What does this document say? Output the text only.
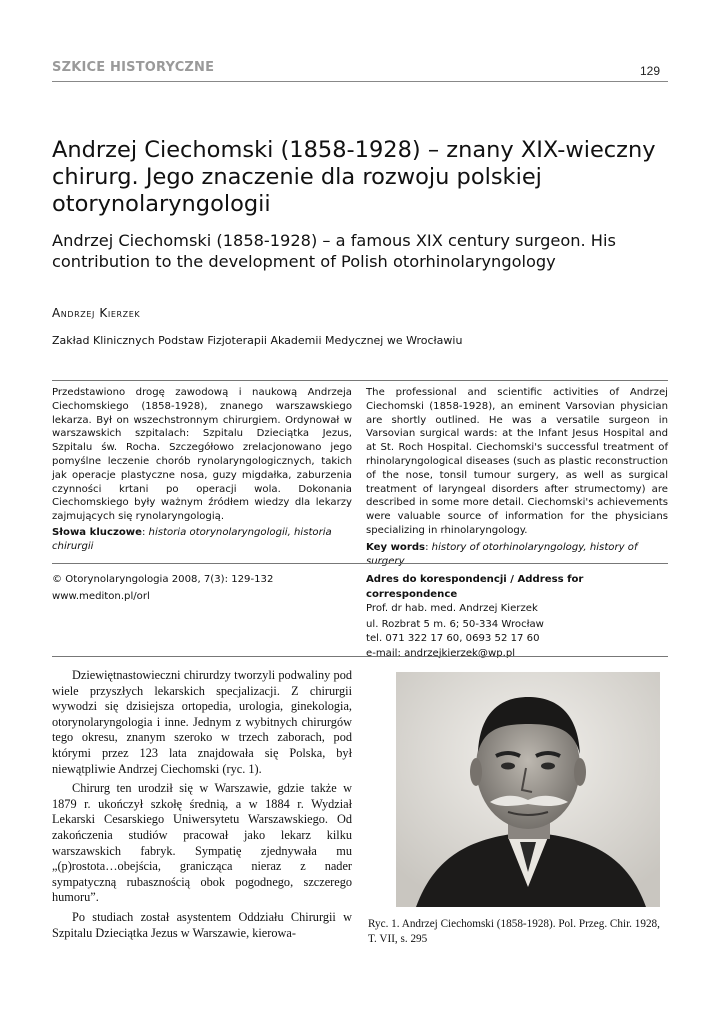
SZKICE HISTORYCZNE	129
Andrzej Ciechomski (1858-1928) – znany XIX-wieczny chirurg. Jego znaczenie dla rozwoju polskiej otorynolaryngologii
Andrzej Ciechomski (1858-1928) – a famous XIX century surgeon. His contribution to the development of Polish otorhinolaryngology
Andrzej Kierzek
Zakład Klinicznych Podstaw Fizjoterapii Akademii Medycznej we Wrocławiu

Przedstawiono drogę zawodową i naukową Andrzeja Ciechomskiego (1858-1928), znanego warszawskiego lekarza. Był on wszechstronnym chirurgiem. Ordynował w warszawskich szpitalach: Szpitalu Dzieciątka Jezus, Szpitalu św. Rocha. Szczegółowo zrelacjonowano jego pomyślne leczenie chorób rynolaryngologicznych, takich jak operacje plastyczne nosa, guzy migdałka, zaburzenia czynności krtani po operacji wola. Dokonania Ciechomskiego były ważnym źródłem wiedzy dla lekarzy zajmujących się rynolaryngologią.

Słowa kluczowe: historia otorynolaryngologii, historia chirurgii

The professional and scientific activities of Andrzej Ciechomski (1858-1928), an eminent Varsovian physician are shortly outlined. He was a versatile surgeon in Varsovian surgical wards: at the Infant Jesus Hospital and at St. Roch Hospital. Ciechomski's successful treatment of rhinolaryngological diseases (such as plastic reconstruction of the nose, tonsil tumour surgery, as well as surgical treatment of laryngeal disorders after strumectomy) are described in some more detail. Ciechomski's achievements were valuable source of information for the physicians specializing in rhinolaryngology.

Key words: history of otorhinolaryngology, history of surgery
© Otorynolaryngologia 2008, 7(3): 129-132
www.mediton.pl/orl
Adres do korespondencji / Address for correspondence
Prof. dr hab. med. Andrzej Kierzek
ul. Rozbrat 5 m. 6; 50-334 Wrocław
tel. 071 322 17 60, 0693 52 17 60
e-mail: andrzejkierzek@wp.pl

Dziewiętnastowieczni chirurdzy tworzyli podwaliny pod wiele przyszłych lekarskich specjalizacji. Z chirurgii wywodzi się dzisiejsza ortopedia, urologia, ginekologia, otorynolaryngologia i inne. Jednym z wybitnych chirurgów tego okresu, znanym szeroko w trzech zaborach, pod którymi przez 123 lata znajdowała się Polska, był niewątpliwie Andrzej Ciechomski (ryc. 1).

Chirurg ten urodził się w Warszawie, gdzie także w 1879 r. ukończył szkołę średnią, a w 1884 r. Wydział Lekarski Cesarskiego Uniwersytetu Warszawskiego. Od zakończenia studiów pracował jako lekarz kilku warszawskich fabryk. Sympatię zjednywała mu „(p)rostota…obejścia, granicząca nieraz z nader sympatyczną rubasznością obok pogodnego, szczerego humoru”.

Po studiach został asystentem Oddziału Chirurgii w Szpitalu Dzieciątka Jezus w Warszawie, kierowa-

Ryc. 1. Andrzej Ciechomski (1858-1928). Pol. Przeg. Chir. 1928, T. VII, s. 295
